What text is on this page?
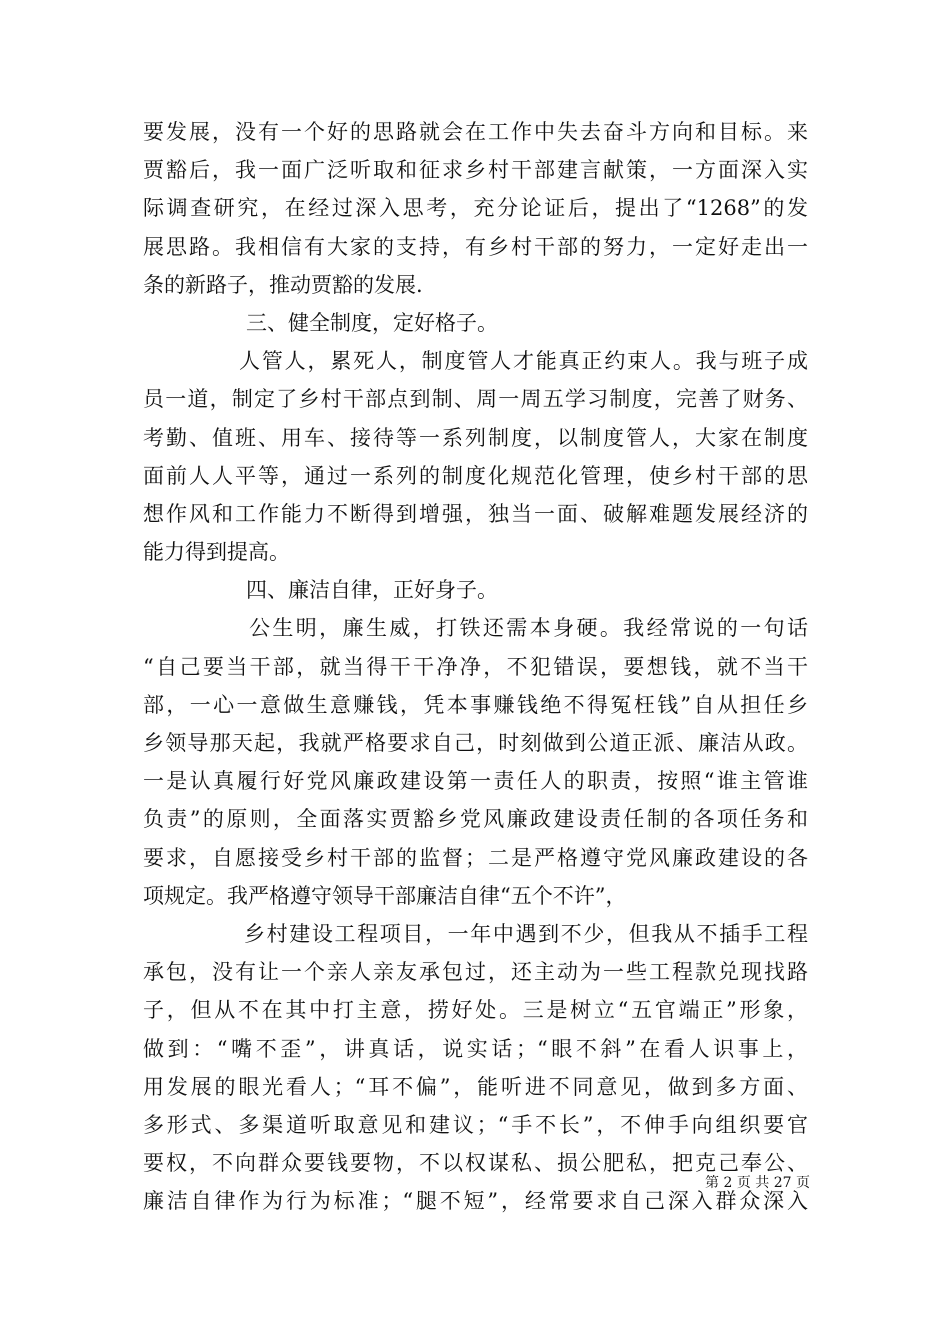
要发展，没有一个好的思路就会在工作中失去奋斗方向和目标。来
贾豁后，我一面广泛听取和征求乡村干部建言献策，一方面深入实
际调查研究，在经过深入思考，充分论证后，提出了“1268”的发
展思路。我相信有大家的支持，有乡村干部的努力，一定好走出一
条的新路子，推动贾豁的发展.
三、健全制度，定好格子。
人管人，累死人，制度管人才能真正约束人。我与班子成
员一道，制定了乡村干部点到制、周一周五学习制度，完善了财务、
考勤、值班、用车、接待等一系列制度，以制度管人，大家在制度
面前人人平等，通过一系列的制度化规范化管理，使乡村干部的思
想作风和工作能力不断得到增强，独当一面、破解难题发展经济的
能力得到提高。
四、廉洁自律，正好身子。
公生明，廉生威，打铁还需本身硬。我经常说的一句话
“自己要当干部，就当得干干净净，不犯错误，要想钱，就不当干
部，一心一意做生意赚钱，凭本事赚钱绝不得冤枉钱”自从担任乡
乡领导那天起，我就严格要求自己，时刻做到公道正派、廉洁从政。
一是认真履行好党风廉政建设第一责任人的职责，按照“谁主管谁
负责”的原则，全面落实贾豁乡党风廉政建设责任制的各项任务和
要求，自愿接受乡村干部的监督；二是严格遵守党风廉政建设的各
项规定。我严格遵守领导干部廉洁自律“五个不许”，
乡村建设工程项目，一年中遇到不少，但我从不插手工程
承包，没有让一个亲人亲友承包过，还主动为一些工程款兑现找路
子，但从不在其中打主意，捞好处。三是树立“五官端正”形象，
做到：“嘴不歪”，讲真话，说实话；“眼不斜”在看人识事上，
用发展的眼光看人；“耳不偏”，能听进不同意见，做到多方面、
多形式、多渠道听取意见和建议；“手不长”，不伸手向组织要官
要权，不向群众要钱要物，不以权谋私、损公肥私，把克己奉公、
廉洁自律作为行为标准；“腿不短”，经常要求自己深入群众深入
第 2 页 共 27 页
